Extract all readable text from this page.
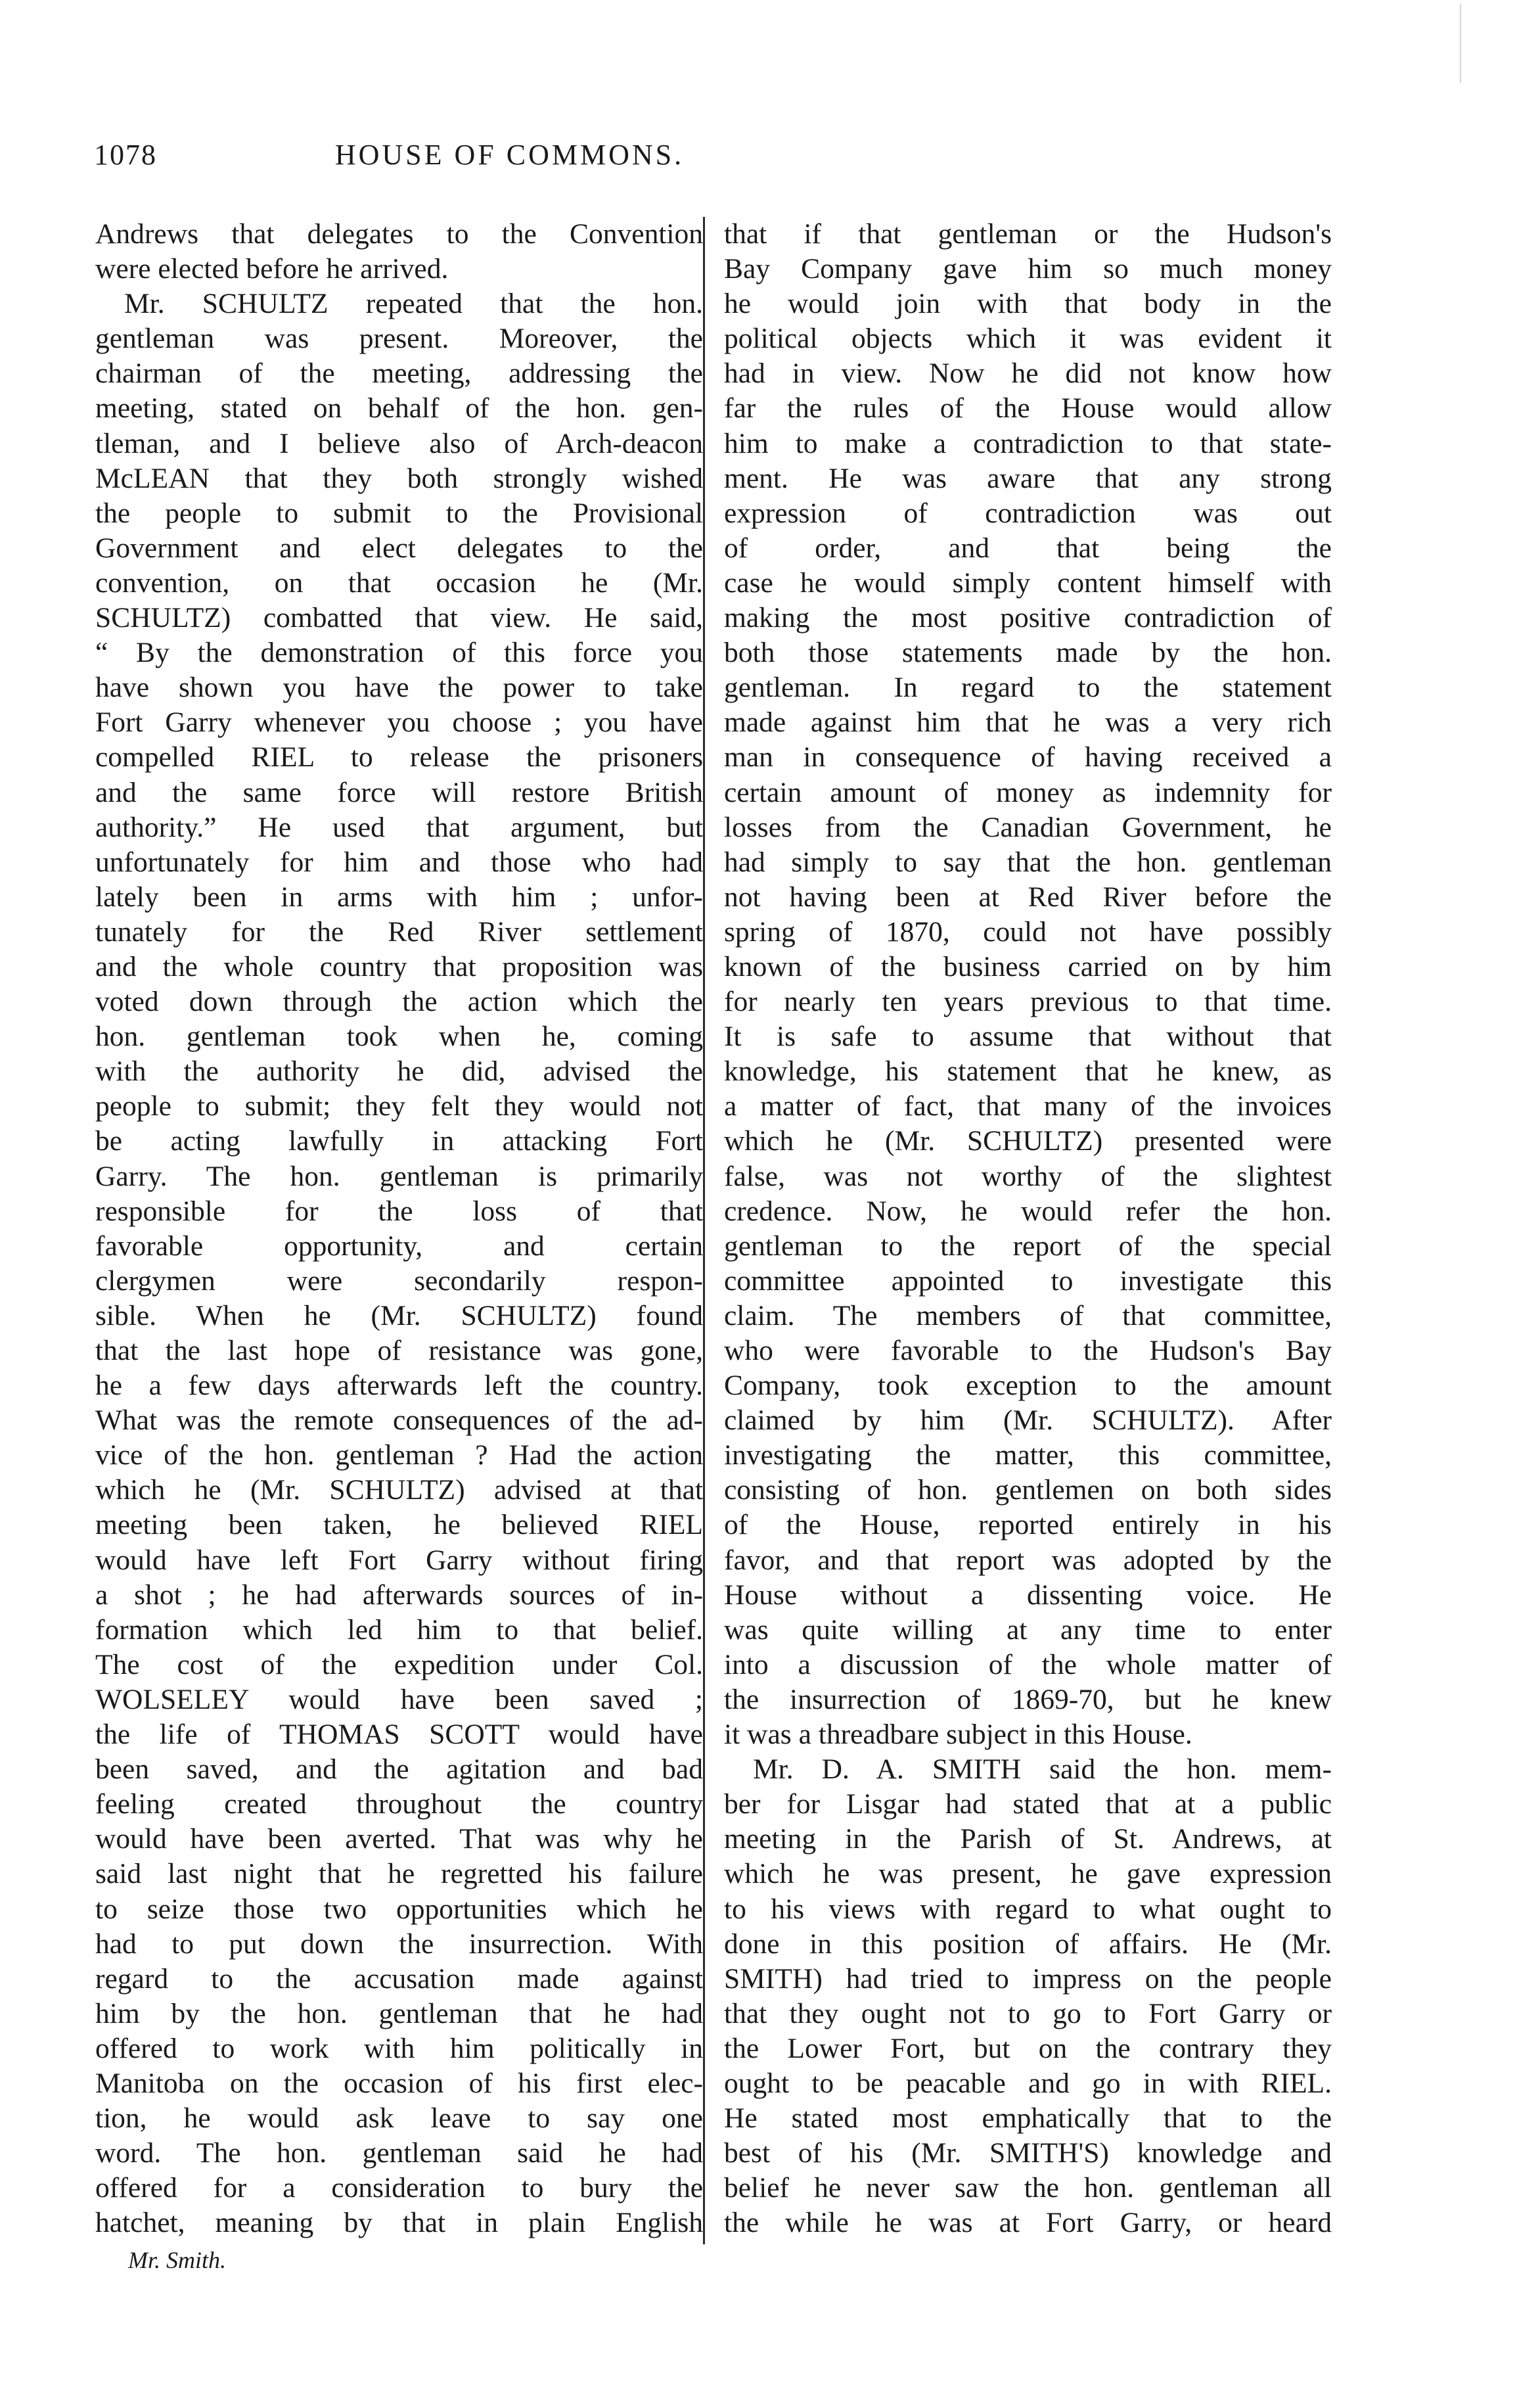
1078	HOUSE OF COMMONS.
Andrews that delegates to the Convention
were elected before he arrived.
Mr. SCHULTZ repeated that the hon.
gentleman was present. Moreover, the
chairman of the meeting, addressing the
meeting, stated on behalf of the hon. gen-
tleman, and I believe also of Arch-deacon
McLEAN that they both strongly wished
the people to submit to the Provisional
Government and elect delegates to the
convention, on that occasion he (Mr.
SCHULTZ) combatted that view. He said,
“ By the demonstration of this force you
have shown you have the power to take
Fort Garry whenever you choose ; you have
compelled RIEL to release the prisoners
and the same force will restore British
authority.” He used that argument, but
unfortunately for him and those who had
lately been in arms with him ; unfor-
tunately for the Red River settlement
and the whole country that proposition was
voted down through the action which the
hon. gentleman took when he, coming
with the authority he did, advised the
people to submit; they felt they would not
be acting lawfully in attacking Fort
Garry. The hon. gentleman is primarily
responsible for the loss of that
favorable opportunity, and certain
clergymen were secondarily respon-
sible. When he (Mr. SCHULTZ) found
that the last hope of resistance was gone,
he a few days afterwards left the country.
What was the remote consequences of the ad-
vice of the hon. gentleman ? Had the action
which he (Mr. SCHULTZ) advised at that
meeting been taken, he believed RIEL
would have left Fort Garry without firing
a shot ; he had afterwards sources of in-
formation which led him to that belief.
The cost of the expedition under Col.
WOLSELEY would have been saved ;
the life of THOMAS SCOTT would have
been saved, and the agitation and bad
feeling created throughout the country
would have been averted. That was why he
said last night that he regretted his failure
to seize those two opportunities which he
had to put down the insurrection. With
regard to the accusation made against
him by the hon. gentleman that he had
offered to work with him politically in
Manitoba on the occasion of his first elec-
tion, he would ask leave to say one
word. The hon. gentleman said he had
offered for a consideration to bury the
hatchet, meaning by that in plain English
that if that gentleman or the Hudson's
Bay Company gave him so much money
he would join with that body in the
political objects which it was evident it
had in view. Now he did not know how
far the rules of the House would allow
him to make a contradiction to that state-
ment. He was aware that any strong
expression of contradiction was out
of order, and that being the
case he would simply content himself with
making the most positive contradiction of
both those statements made by the hon.
gentleman. In regard to the statement
made against him that he was a very rich
man in consequence of having received a
certain amount of money as indemnity for
losses from the Canadian Government, he
had simply to say that the hon. gentleman
not having been at Red River before the
spring of 1870, could not have possibly
known of the business carried on by him
for nearly ten years previous to that time.
It is safe to assume that without that
knowledge, his statement that he knew, as
a matter of fact, that many of the invoices
which he (Mr. SCHULTZ) presented were
false, was not worthy of the slightest
credence. Now, he would refer the hon.
gentleman to the report of the special
committee appointed to investigate this
claim. The members of that committee,
who were favorable to the Hudson's Bay
Company, took exception to the amount
claimed by him (Mr. SCHULTZ). After
investigating the matter, this committee,
consisting of hon. gentlemen on both sides
of the House, reported entirely in his
favor, and that report was adopted by the
House without a dissenting voice. He
was quite willing at any time to enter
into a discussion of the whole matter of
the insurrection of 1869-70, but he knew
it was a threadbare subject in this House.
Mr. D. A. SMITH said the hon. mem-
ber for Lisgar had stated that at a public
meeting in the Parish of St. Andrews, at
which he was present, he gave expression
to his views with regard to what ought to
done in this position of affairs. He (Mr.
SMITH) had tried to impress on the people
that they ought not to go to Fort Garry or
the Lower Fort, but on the contrary they
ought to be peacable and go in with RIEL.
He stated most emphatically that to the
best of his (Mr. SMITH'S) knowledge and
belief he never saw the hon. gentleman all
the while he was at Fort Garry, or heard
Mr. Smith.
